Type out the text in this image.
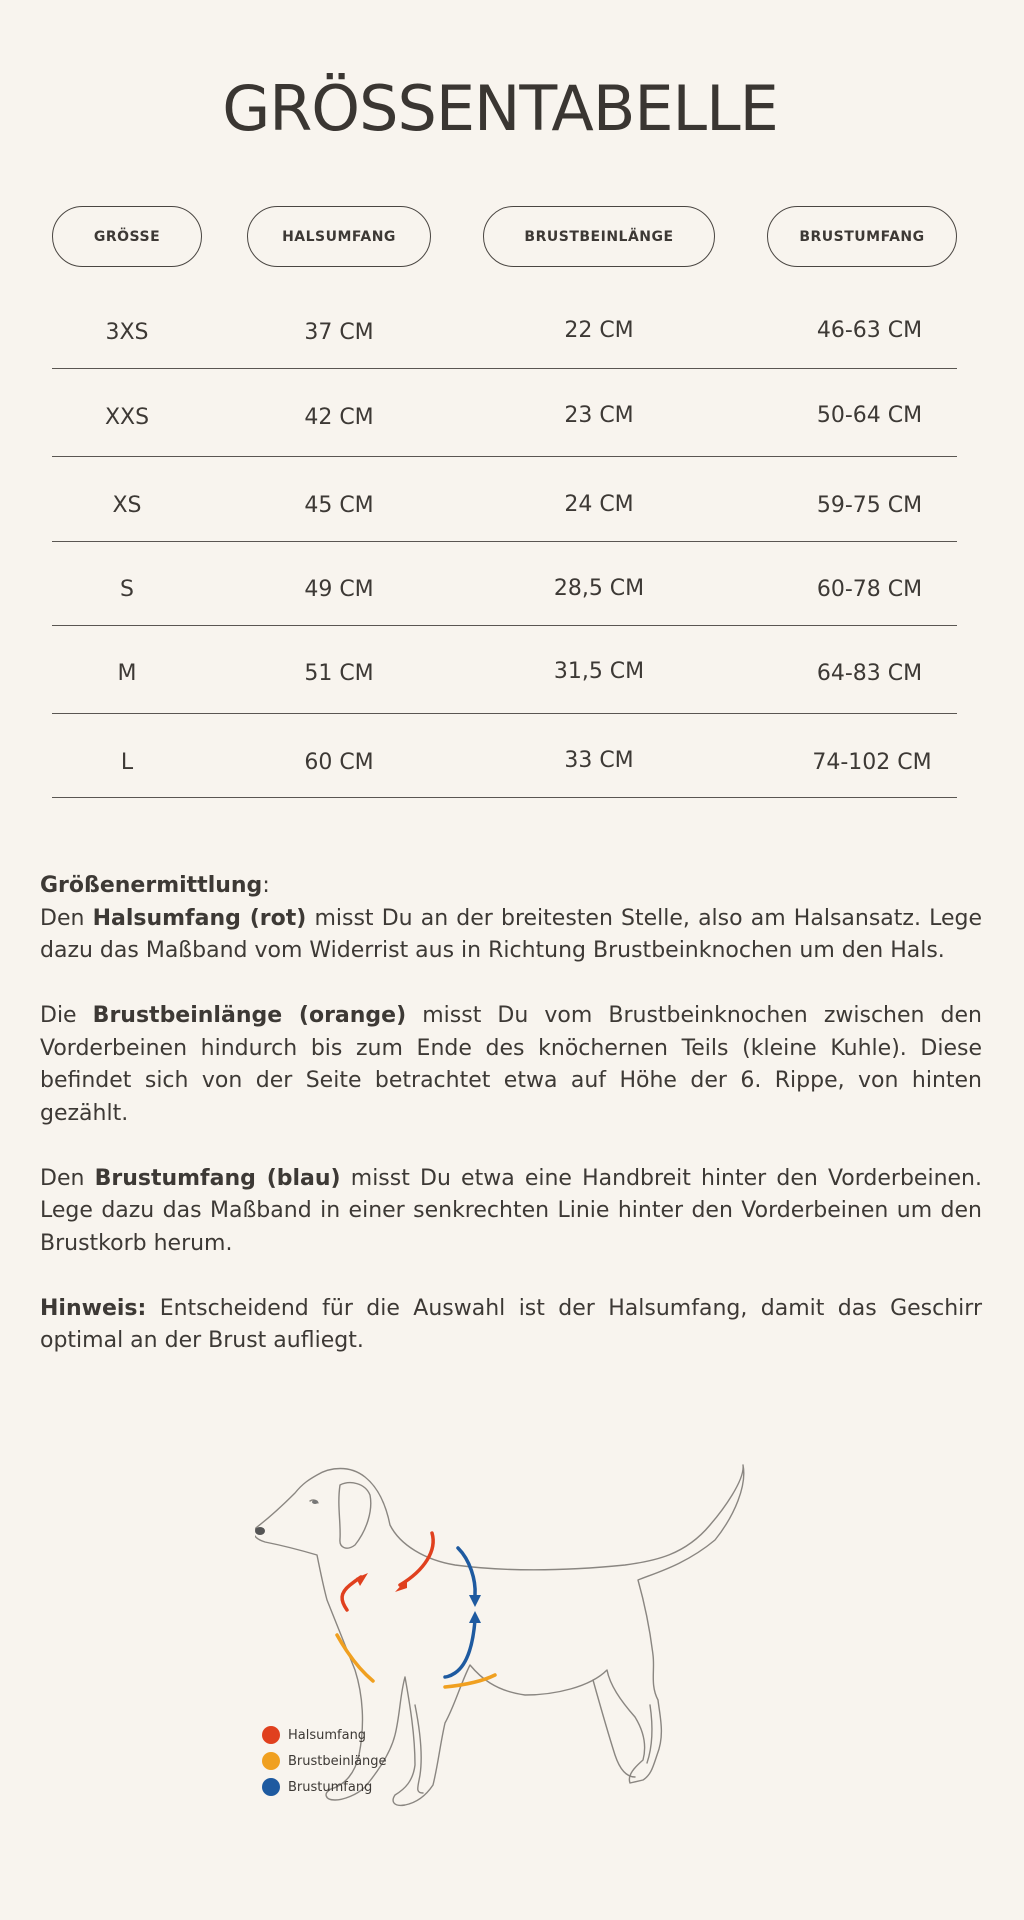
GRÖSSENTABELLE
GRÖSSE	HALSUMFANG	BRUSTBEINLÄNGE	BRUSTUMFANG
3XS	37 CM	22 CM	46-63 CM
XXS	42 CM	23 CM	50-64 CM
XS	45 CM	24 CM	59-75 CM
S	49 CM	28,5 CM	60-78 CM
M	51 CM	31,5 CM	64-83 CM
L	60 CM	33 CM	74-102 CM
Größenermittlung:

Den Halsumfang (rot) misst Du an der breitesten Stelle, also am Halsansatz. Lege dazu das Maßband vom Widerrist aus in Richtung Brustbeinknochen um den Hals.

Die Brustbeinlänge (orange) misst Du vom Brustbeinknochen zwischen den Vorderbeinen hindurch bis zum Ende des knöchernen Teils (kleine Kuhle). Diese befindet sich von der Seite betrachtet etwa auf Höhe der 6. Rippe, von hinten gezählt.

Den Brustumfang (blau) misst Du etwa eine Handbreit hinter den Vorderbeinen. Lege dazu das Maßband in einer senkrechten Linie hinter den Vorderbeinen um den Brustkorb herum.

Hinweis: Entscheidend für die Auswahl ist der Halsumfang, damit das Geschirr optimal an der Brust aufliegt.

Halsumfang
Brustbeinlänge
Brustumfang
